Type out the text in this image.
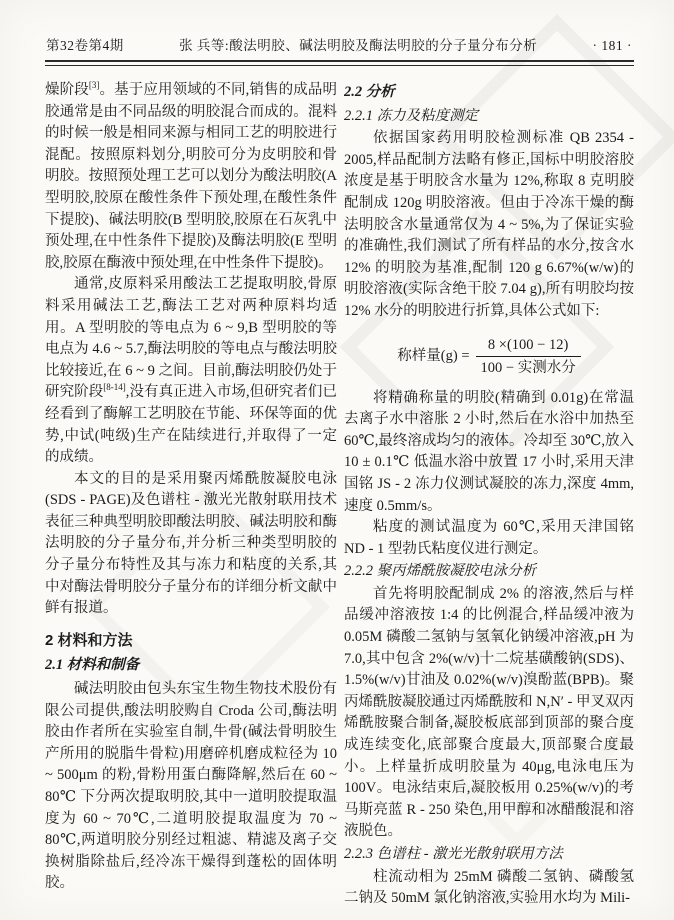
第32卷第4期	张 兵等:酸法明胶、碱法明胶及酶法明胶的分子量分布分析	· 181 ·

燥阶段[3]。基于应用领域的不同,销售的成品明胶通常是由不同品级的明胶混合而成的。混料的时候一般是相同来源与相同工艺的明胶进行混配。按照原料划分,明胶可分为皮明胶和骨明胶。按照预处理工艺可以划分为酸法明胶(A 型明胶,胶原在酸性条件下预处理,在酸性条件下提胶)、碱法明胶(B 型明胶,胶原在石灰乳中预处理,在中性条件下提胶)及酶法明胶(E 型明胶,胶原在酶液中预处理,在中性条件下提胶)。

通常,皮原料采用酸法工艺提取明胶,骨原料采用碱法工艺,酶法工艺对两种原料均适用。A 型明胶的等电点为 6 ~ 9,B 型明胶的等电点为 4.6 ~ 5.7,酶法明胶的等电点与酸法明胶比较接近,在 6 ~ 9 之间。目前,酶法明胶仍处于研究阶段[8-14],没有真正进入市场,但研究者们已经看到了酶解工艺明胶在节能、环保等面的优势,中试(吨级)生产在陆续进行,并取得了一定的成绩。

本文的目的是采用聚丙烯酰胺凝胶电泳(SDS - PAGE)及色谱柱 - 激光光散射联用技术表征三种典型明胶即酸法明胶、碱法明胶和酶法明胶的分子量分布,并分析三种类型明胶的分子量分布特性及其与冻力和粘度的关系,其中对酶法骨明胶分子量分布的详细分析文献中鲜有报道。

2 材料和方法
2.1 材料和制备

碱法明胶由包头东宝生物生物技术股份有限公司提供,酸法明胶购自 Croda 公司,酶法明胶由作者所在实验室自制,牛骨(碱法骨明胶生产所用的脱脂牛骨粒)用磨碎机磨成粒径为 10 ~ 500μm 的粉,骨粉用蛋白酶降解,然后在 60 ~ 80℃ 下分两次提取明胶,其中一道明胶提取温度为 60 ~ 70℃,二道明胶提取温度为 70 ~ 80℃,两道明胶分别经过粗滤、精滤及离子交换树脂除盐后,经冷冻干燥得到蓬松的固体明胶。

2.2 分析
2.2.1 冻力及粘度测定

依据国家药用明胶检测标准 QB 2354 - 2005,样品配制方法略有修正,国标中明胶溶胶浓度是基于明胶含水量为 12%,称取 8 克明胶配制成 120g 明胶溶液。但由于冷冻干燥的酶法明胶含水量通常仅为 4 ~ 5%,为了保证实验的准确性,我们测试了所有样品的水分,按含水 12% 的明胶为基准,配制 120 g 6.67%(w/w)的明胶溶液(实际含绝干胶 7.04 g),所有明胶均按 12% 水分的明胶进行折算,具体公式如下:

称样量$(g) = \frac{8 \times(100 - 12)}{\text{100 − 实测水分}}$

将精确称量的明胶(精确到 0.01g)在常温去离子水中溶胀 2 小时,然后在水浴中加热至 60℃,最终溶成均匀的液体。冷却至 30℃,放入 10 ± 0.1℃ 低温水浴中放置 17 小时,采用天津国铭 JS - 2 冻力仪测试凝胶的冻力,深度 4mm,速度 0.5mm/s。

粘度的测试温度为 60℃,采用天津国铭 ND - 1 型勃氏粘度仪进行测定。

2.2.2 聚丙烯酰胺凝胶电泳分析

首先将明胶配制成 2% 的溶液,然后与样品缓冲溶液按 1:4 的比例混合,样品缓冲液为 0.05M 磷酸二氢钠与氢氧化钠缓冲溶液,pH 为 7.0,其中包含 2%(w/v)十二烷基磺酸钠(SDS)、1.5%(w/v)甘油及 0.02%(w/v)溴酚蓝(BPB)。聚丙烯酰胺凝胶通过丙烯酰胺和 N,N′ - 甲叉双丙烯酰胺聚合制备,凝胶板底部到顶部的聚合度成连续变化,底部聚合度最大,顶部聚合度最小。上样量折成明胶量为 40μg,电泳电压为 100V。电泳结束后,凝胶板用 0.25%(w/v)的考马斯亮蓝 R - 250 染色,用甲醇和冰醋酸混和溶液脱色。

2.2.3 色谱柱 - 激光光散射联用方法

柱流动相为 25mM 磷酸二氢钠、磷酸氢二钠及 50mM 氯化钠溶液,实验用水均为 Mili-
